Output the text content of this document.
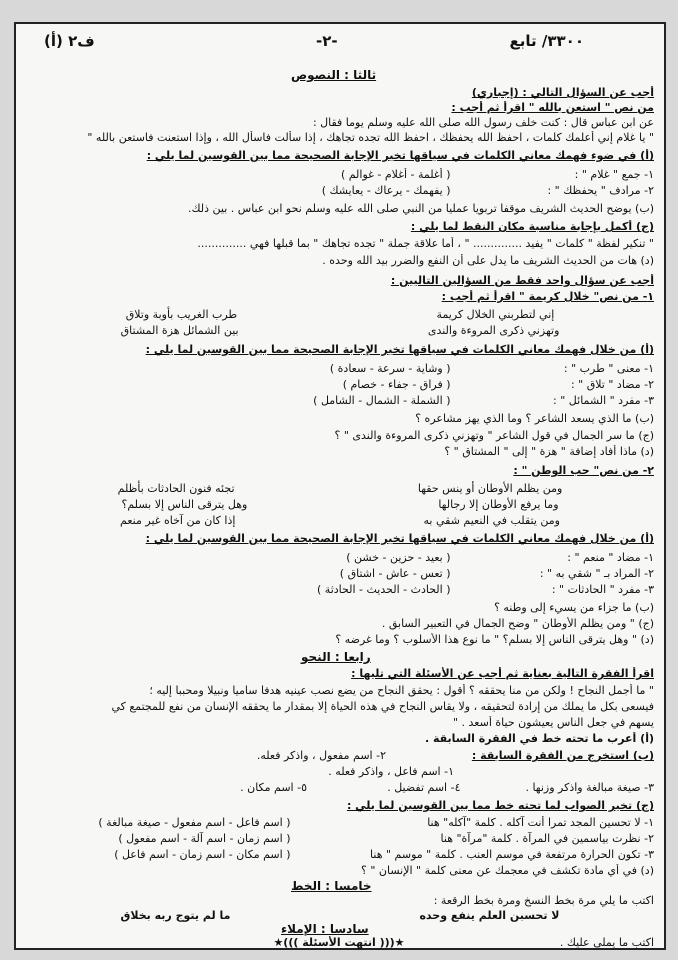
٣٣٠٠/ تابع
-٢-
ف٢ (أ)
ثالثا : النصوص
أجب عن السؤال التالي : (إجباري)
من نص " استعن بالله " اقرأ ثم أجب :
عن ابن عباس قال : كنت خلف رسول الله صلى الله عليه وسلم يوما فقال :
" يا غلام إني أعلمك كلمات ، احفظ الله يحفظك ، احفظ الله تجده تجاهك ، إذا سألت فاسأل الله ، وإذا استعنت فاستعن بالله "
(أ) في ضوء فهمك معاني الكلمات في سياقها تخير الإجابة الصحيحة مما بين القوسين لما يلي :
١- جمع " غلام " : ( أغلمة - أغلام - غوالم )
٢- مرادف " يحفظك " : ( يفهمك - يرعاك - يعايشك )
(ب) يوضح الحديث الشريف موقفا تربويا عمليا من النبي صلى الله عليه وسلم نحو ابن عباس . بين ذلك.
(ج) أكمل بإجابة مناسبة مكان النقط لما يلي :
" تنكير لفظة " كلمات " يفيد .............. " ، أما علاقة جملة " تجده تجاهك " بما قبلها فهي ..............
(د) هات من الحديث الشريف ما يدل على أن النفع والضرر بيد الله وحده .
أجب عن سؤال واحد فقط من السؤالين التاليين :
١- من نص" خلال كريمة " اقرأ ثم أجب :
إني لتطربني الخلال كريمة
طرب الغريب بأوبة وتلاق
وتهزني ذكرى المروءة والندى
بين الشمائل هزة المشتاق
(أ) من خلال فهمك معاني الكلمات في سياقها تخير الإجابة الصحيحة مما بين القوسين لما يلي :
١- معنى " طرب " : ( وشاية - سرعة - سعادة )
٢- مضاد " تلاق " : ( فراق - جفاء - خصام )
٣- مفرد " الشمائل " : ( الشملة - الشمال - الشامل )
(ب) ما الذي يسعد الشاعر ؟ وما الذي يهز مشاعره ؟
(ج) ما سر الجمال في قول الشاعر " وتهزني ذكرى المروءة والندى " ؟
(د) ماذا أفاد إضافة " هزة " إلى " المشتاق " ؟
٢- من نص" حب الوطن " :
ومن يظلم الأوطان أو ينس حقها
تجئه فنون الحادثات بأظلم
وما يرفع الأوطان إلا رجالها
وهل يترقى الناس إلا بسلم؟
ومن يتقلب في النعيم شقي به
إذا كان من آخاه غير منعم
(أ) من خلال فهمك معاني الكلمات في سياقها تخير الإجابة الصحيحة مما بين القوسين لما يلي :
١- مضاد " منعم " : ( بعيد - حزين - خشن )
٢- المراد بـ " شقي به " : ( تعس - عاش - اشتاق )
٣- مفرد " الحادثات " : ( الحادث - الحديث - الحادثة )
(ب) ما جزاء من يسيء إلى وطنه ؟
(ج) " ومن يظلم الأوطان " وضح الجمال في التعبير السابق .
(د) " وهل يترقى الناس إلا بسلم؟ " ما نوع هذا الأسلوب ؟ وما غرضه ؟
رابعا : النحو
اقرأ الفقرة التالية بعناية ثم أجب عن الأسئلة التي تليها :
" ما أجمل النجاح ! ولكن من منا يحققه ؟ أقول : يحقق النجاح من يضع نصب عينيه هدفا ساميا ونبيلا ومحببا إليه ؛
فيسعى بكل ما يملك من إرادة لتحقيقه ، ولا يقاس النجاح في هذه الحياة إلا بمقدار ما يحققه الإنسان من نفع للمجتمع كي
يسهم في جعل الناس يعيشون حياة أسعد . "
(أ) أعرب ما تحته خط في الفقرة السابقة .
(ب) استخرج من الفقرة السابقة :
٢- اسم مفعول ، واذكر فعله.
١- اسم فاعل ، واذكر فعله .
٣- صيغة مبالغة واذكر وزنها . ٤- اسم تفضيل . ٥- اسم مكان .
(ج) تخير الصواب لما تحته خط مما بين القوسين لما يلي :
١- لا تحسين المجد تمرا أنت آكله . كلمة "آكله" هنا ( اسم فاعل - اسم مفعول - صيغة مبالغة )
٢- نظرت بياسمين في المرآة . كلمة "مرآة" هنا ( اسم زمان - اسم آلة - اسم مفعول )
٣- تكون الحرارة مرتفعة في موسم العنب . كلمة " موسم " هنا ( اسم مكان - اسم زمان - اسم فاعل )
(د) في أي مادة تكشف في معجمك عن معنى كلمة " الإنسان " ؟
خامسا : الخط
اكتب ما يلي مرة بخط النسخ ومرة بخط الرقعة :
لا تحسبن العلم ينفع وحده
ما لم يتوج ربه بخلاق
سادسا : الإملاء
اكتب ما يملى عليك .
★((( انتهت الأسئلة )))★
